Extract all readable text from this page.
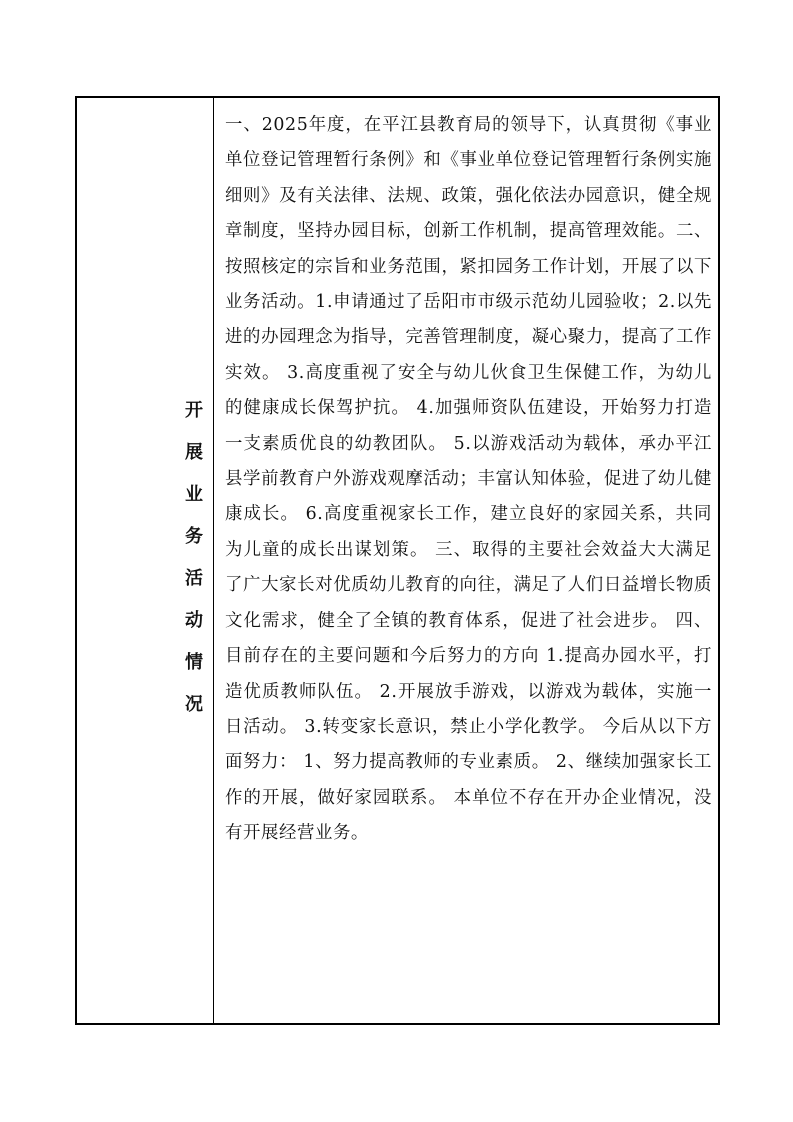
开展业务活动情况

一、2025年度，在平江县教育局的领导下，认真贯彻《事业单位登记管理暂行条例》和《事业单位登记管理暂行条例实施细则》及有关法律、法规、政策，强化依法办园意识，健全规章制度，坚持办园目标，创新工作机制，提高管理效能。二、按照核定的宗旨和业务范围，紧扣园务工作计划，开展了以下业务活动。1.申请通过了岳阳市市级示范幼儿园验收；2.以先进的办园理念为指导，完善管理制度，凝心聚力，提高了工作实效。 3.高度重视了安全与幼儿伙食卫生保健工作，为幼儿的健康成长保驾护抗。 4.加强师资队伍建设，开始努力打造一支素质优良的幼教团队。 5.以游戏活动为载体，承办平江县学前教育户外游戏观摩活动；丰富认知体验，促进了幼儿健康成长。 6.高度重视家长工作，建立良好的家园关系，共同为儿童的成长出谋划策。 三、取得的主要社会效益大大满足了广大家长对优质幼儿教育的向往，满足了人们日益增长物质文化需求，健全了全镇的教育体系，促进了社会进步。 四、目前存在的主要问题和今后努力的方向 1.提高办园水平，打造优质教师队伍。 2.开展放手游戏，以游戏为载体，实施一日活动。 3.转变家长意识，禁止小学化教学。 今后从以下方面努力： 1、努力提高教师的专业素质。 2、继续加强家长工作的开展，做好家园联系。 本单位不存在开办企业情况，没有开展经营业务。
